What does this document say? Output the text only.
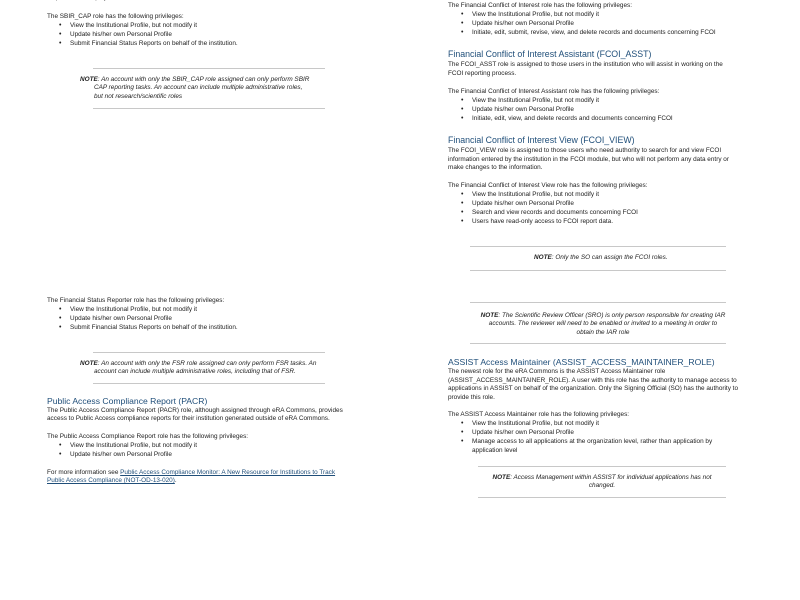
The SBIR_CAP role has the following privileges:
• View the Institutional Profile, but not modify it
• Update his/her own Personal Profile
• Submit Financial Status Reports on behalf of the institution.
NOTE: An account with only the SBIR_CAP role assigned can only perform SBIR
CAP reporting tasks. An account can include multiple administrative roles,
but not research/scientific roles
The Financial Status Reporter role has the following privileges:
• View the Institutional Profile, but not modify it
• Update his/her own Personal Profile
• Submit Financial Status Reports on behalf of the institution.
NOTE: An account with only the FSR role assigned can only perform FSR tasks. An
account can include multiple administrative roles, including that of FSR.
Public Access Compliance Report (PACR)
The Public Access Compliance Report (PACR) role, although assigned through eRA Commons, provides
access to Public Access compliance reports for their institution generated outside of eRA Commons.
The Public Access Compliance Report role has the following privileges:
• View the Institutional Profile, but not modify it
• Update his/her own Personal Profile
For more information see Public Access Compliance Monitor: A New Resource for Institutions to Track
Public Access Compliance (NOT-OD-13-020).
The Financial Conflict of Interest role has the following privileges:
• View the Institutional Profile, but not modify it
• Update his/her own Personal Profile
• Initiate, edit, submit, revise, view, and delete records and documents concerning FCOI
Financial Conflict of Interest Assistant (FCOI_ASST)
The FCOI_ASST role is assigned to those users in the institution who will assist in working on the
FCOI reporting process.
The Financial Conflict of Interest Assistant role has the following privileges:
• View the Institutional Profile, but not modify it
• Update his/her own Personal Profile
• Initiate, edit, view, and delete records and documents concerning FCOI
Financial Conflict of Interest View (FCOI_VIEW)
The FCOI_VIEW role is assigned to those users who need authority to search for and view FCOI
information entered by the institution in the FCOI module, but who will not perform any data entry or
make changes to the information.
The Financial Conflict of Interest View role has the following privileges:
• View the Institutional Profile, but not modify it
• Update his/her own Personal Profile
• Search and view records and documents concerning FCOI
• Users have read-only access to FCOI report data.
NOTE: Only the SO can assign the FCOI roles.
NOTE: The Scientific Review Officer (SRO) is only person responsible for creating IAR
accounts. The reviewer will need to be enabled or invited to a meeting in order to
obtain the IAR role
ASSIST Access Maintainer (ASSIST_ACCESS_MAINTAINER_ROLE)
The newest role for the eRA Commons is the ASSIST Access Maintainer role
(ASSIST_ACCESS_MAINTAINER_ROLE). A user with this role has the authority to manage access to
applications in ASSIST on behalf of the organization. Only the Signing Official (SO) has the authority to
provide this role.
The ASSIST Access Maintainer role has the following privileges:
• View the Institutional Profile, but not modify it
• Update his/her own Personal Profile
• Manage access to all applications at the organization level, rather than application by
application level
NOTE: Access Management within ASSIST for individual applications has not
changed.
